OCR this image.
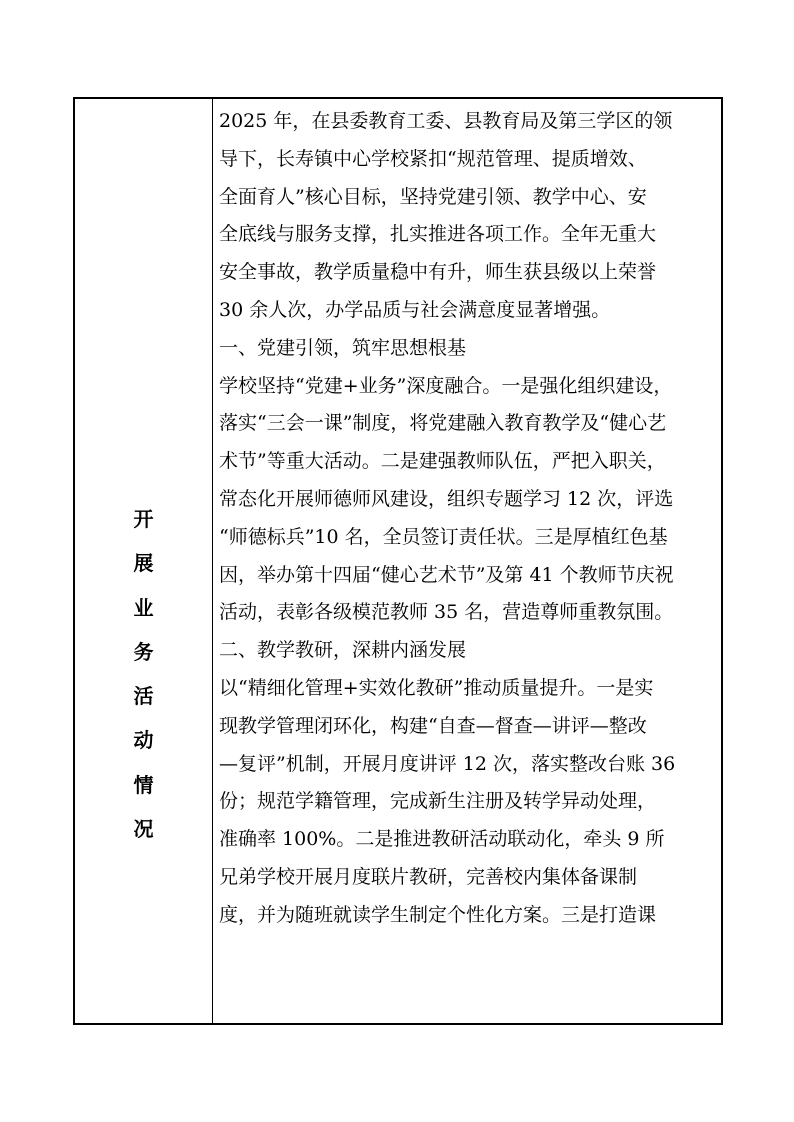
开
展
业
务
活
动
情
况
2025 年，在县委教育工委、县教育局及第三学区的领
导下，长寿镇中心学校紧扣“规范管理、提质增效、
全面育人”核心目标，坚持党建引领、教学中心、安
全底线与服务支撑，扎实推进各项工作。全年无重大
安全事故，教学质量稳中有升，师生获县级以上荣誉
30 余人次，办学品质与社会满意度显著增强。
一、党建引领，筑牢思想根基
学校坚持“党建+业务”深度融合。一是强化组织建设，
落实“三会一课”制度，将党建融入教育教学及“健心艺
术节”等重大活动。二是建强教师队伍，严把入职关，
常态化开展师德师风建设，组织专题学习 12 次，评选
“师德标兵”10 名，全员签订责任状。三是厚植红色基
因，举办第十四届“健心艺术节”及第 41 个教师节庆祝
活动，表彰各级模范教师 35 名，营造尊师重教氛围。
二、教学教研，深耕内涵发展
以“精细化管理+实效化教研”推动质量提升。一是实
现教学管理闭环化，构建“自查—督查—讲评—整改
—复评”机制，开展月度讲评 12 次，落实整改台账 36
份；规范学籍管理，完成新生注册及转学异动处理，
准确率 100%。二是推进教研活动联动化，牵头 9 所
兄弟学校开展月度联片教研，完善校内集体备课制
度，并为随班就读学生制定个性化方案。三是打造课
